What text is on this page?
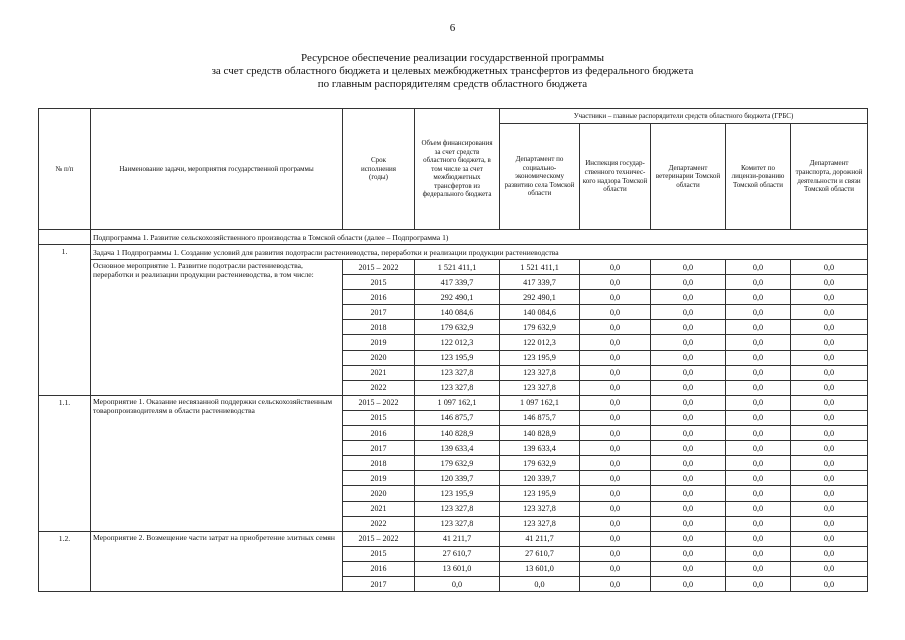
6
Ресурсное обеспечение реализации государственной программы
за счет средств областного бюджета и целевых межбюджетных трансфертов из федерального бюджета
по главным распорядителям средств областного бюджета
№ п/п	Наименование задачи, мероприятия государственной программы	Срок исполнения (годы)	Объем финансирования за счет средств областного бюджета, в том числе за счет межбюджетных трансфертов из федерального бюджета	Участники – главные распорядители средств областного бюджета (ГРБС)				
				Департамент по социально-экономическому развитию села Томской области	Инспекция государ-ственного техничес-кого надзора Томской области	Департамент ветеринарии Томской области	Комитет по лицензи-рованию Томской области	Департамент транспорта, дорожной деятельности и связи Томской области
	Подпрограмма 1. Развитие сельскохозяйственного производства в Томской области (далее – Подпрограмма 1)							
1.	Задача 1 Подпрограммы 1. Создание условий для развития подотрасли растениеводства, переработки и реализации продукции растениеводства							
	Основное мероприятие 1. Развитие подотрасли растениеводства, переработки и реализации продукции растениеводства, в том числе:	2015 – 2022	1 521 411,1	1 521 411,1	0,0	0,0	0,0	0,0
		2015	417 339,7	417 339,7	0,0	0,0	0,0	0,0
		2016	292 490,1	292 490,1	0,0	0,0	0,0	0,0
		2017	140 084,6	140 084,6	0,0	0,0	0,0	0,0
		2018	179 632,9	179 632,9	0,0	0,0	0,0	0,0
		2019	122 012,3	122 012,3	0,0	0,0	0,0	0,0
		2020	123 195,9	123 195,9	0,0	0,0	0,0	0,0
		2021	123 327,8	123 327,8	0,0	0,0	0,0	0,0
		2022	123 327,8	123 327,8	0,0	0,0	0,0	0,0
1.1.	Мероприятие 1. Оказание несвязанной поддержки сельскохозяйственным товаропроизводителям в области растениеводства	2015 – 2022	1 097 162,1	1 097 162,1	0,0	0,0	0,0	0,0
		2015	146 875,7	146 875,7	0,0	0,0	0,0	0,0
		2016	140 828,9	140 828,9	0,0	0,0	0,0	0,0
		2017	139 633,4	139 633,4	0,0	0,0	0,0	0,0
		2018	179 632,9	179 632,9	0,0	0,0	0,0	0,0
		2019	120 339,7	120 339,7	0,0	0,0	0,0	0,0
		2020	123 195,9	123 195,9	0,0	0,0	0,0	0,0
		2021	123 327,8	123 327,8	0,0	0,0	0,0	0,0
		2022	123 327,8	123 327,8	0,0	0,0	0,0	0,0
1.2.	Мероприятие 2. Возмещение части затрат на приобретение элитных семян	2015 – 2022	41 211,7	41 211,7	0,0	0,0	0,0	0,0
		2015	27 610,7	27 610,7	0,0	0,0	0,0	0,0
		2016	13 601,0	13 601,0	0,0	0,0	0,0	0,0
		2017	0,0	0,0	0,0	0,0	0,0	0,0
